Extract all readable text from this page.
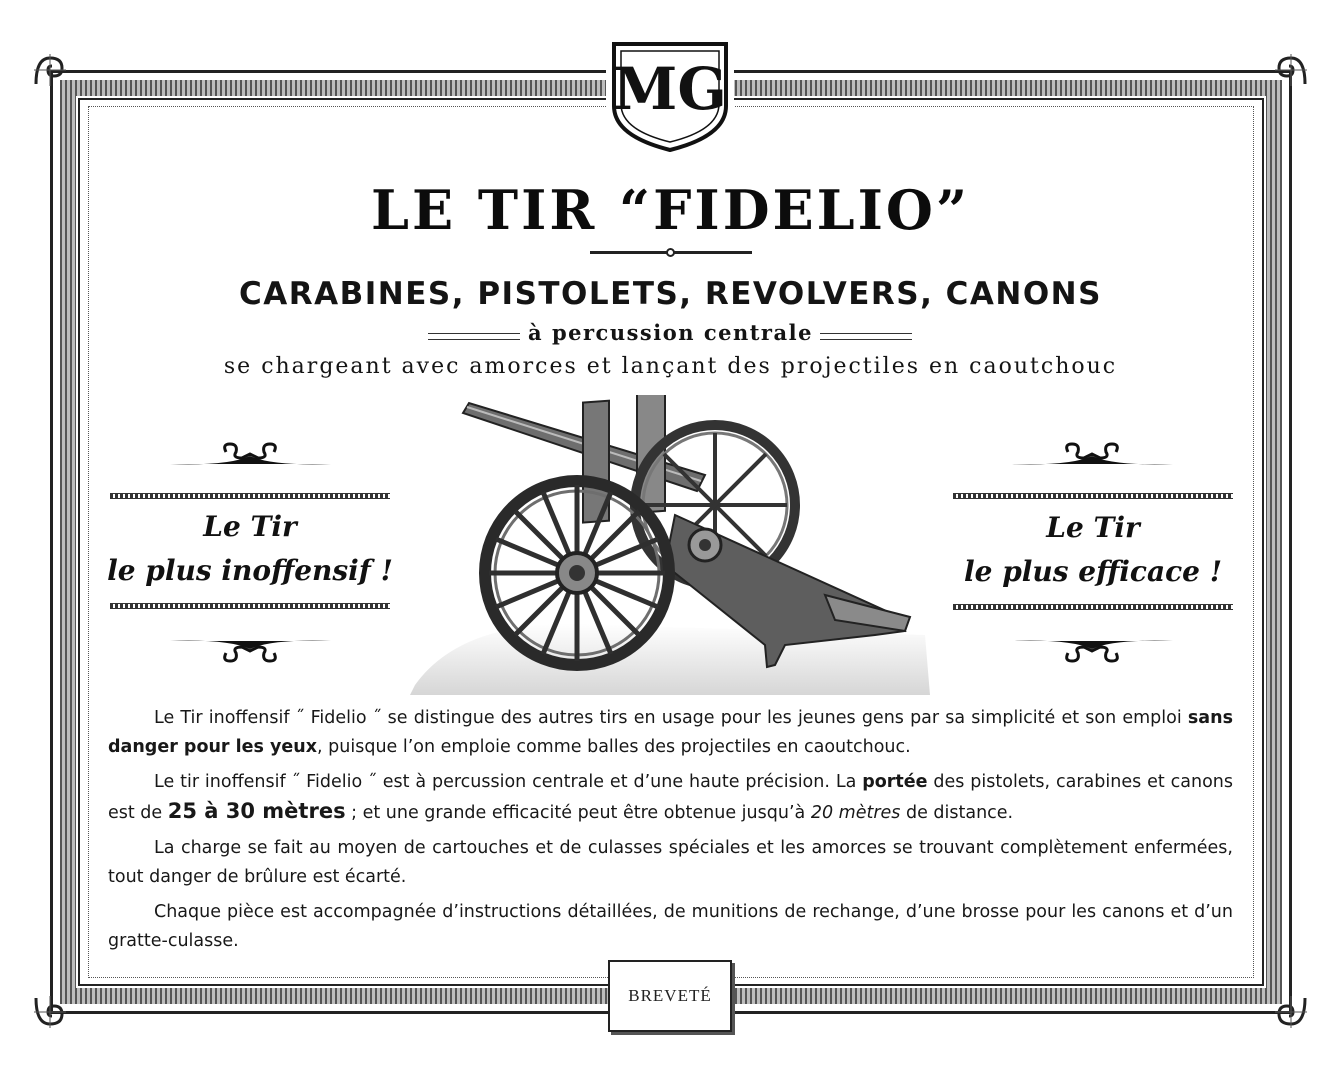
MG
LE TIR “FIDELIO”
CARABINES, PISTOLETS, REVOLVERS, CANONS
à percussion centrale
se chargeant avec amorces et lançant des projectiles en caoutchouc
Le Tir
le plus inoffensif !
Le Tir
le plus efficace !

Le Tir inoffensif ˝ Fidelio ˝ se distingue des autres tirs en usage pour les jeunes gens par sa simplicité et son emploi sans danger pour les yeux, puisque l’on emploie comme balles des projectiles en caoutchouc.

Le tir inoffensif ˝ Fidelio ˝ est à percussion centrale et d’une haute précision. La portée des pistolets, carabines et canons est de 25 à 30 mètres ; et une grande efficacité peut être obtenue jusqu’à 20 mètres de distance.

La charge se fait au moyen de cartouches et de culasses spéciales et les amorces se trouvant complètement enfermées, tout danger de brûlure est écarté.

Chaque pièce est accompagnée d’instructions détaillées, de munitions de rechange, d’une brosse pour les canons et d’un gratte-culasse.

BREVETÉ
